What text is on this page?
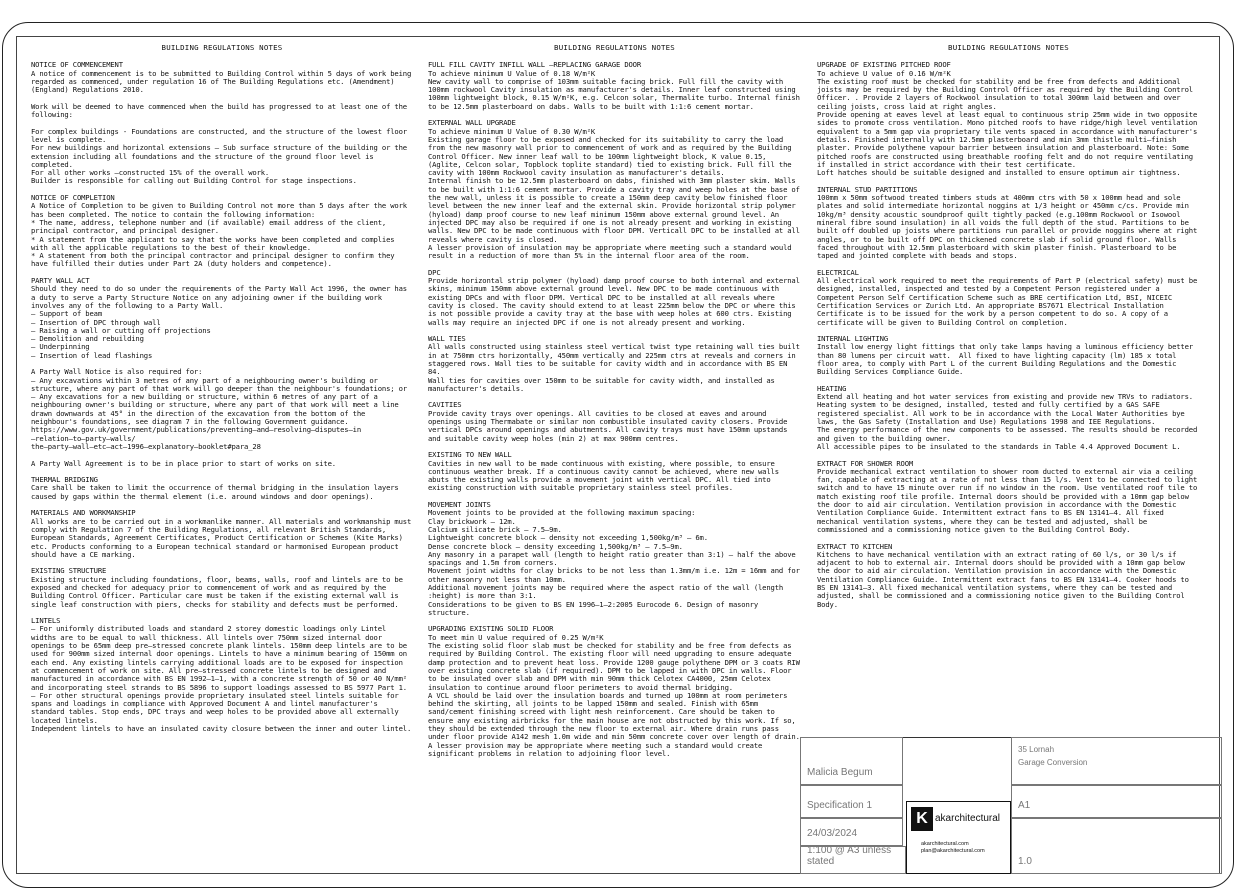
BUILDING REGULATIONS NOTES
NOTICE OF COMMENCEMENT
A notice of commencement is to be submitted to Building Control within 5 days of work being regarded as commenced, under regulation 16 of The Building Regulations etc. (Amendment) (England) Regulations 2010.
Work will be deemed to have commenced when the build has progressed to at least one of the following:
For complex buildings - Foundations are constructed, and the structure of the lowest floor level is complete.
For new buildings and horizontal extensions – Sub surface structure of the building or the extension including all foundations and the structure of the ground floor level is completed.
For all other works –constructed 15% of the overall work.
Builder is responsible for calling out Building Control for stage inspections.
NOTICE OF COMPLETION
A Notice of Completion to be given to Building Control not more than 5 days after the work has been completed. The notice to contain the following information:
* The name, address, telephone number and (if available) email address of the client, principal contractor, and principal designer.
* A statement from the applicant to say that the works have been completed and complies with all the applicable regulations to the best of their knowledge.
* A statement from both the principal contractor and principal designer to confirm they have fulfilled their duties under Part 2A (duty holders and competence).
PARTY WALL ACT
Should they need to do so under the requirements of the Party Wall Act 1996, the owner has a duty to serve a Party Structure Notice on any adjoining owner if the building work involves any of the following to a Party Wall.
– Support of beam
– Insertion of DPC through wall
– Raising a wall or cutting off projections
– Demolition and rebuilding
– Underpinning
– Insertion of lead flashings
A Party Wall Notice is also required for:
– Any excavations within 3 metres of any part of a neighbouring owner's building or structure, where any part of that work will go deeper than the neighbour's foundations; or
– Any excavations for a new building or structure, within 6 metres of any part of a neighbouring owner's building or structure, where any part of that work will meet a line drawn downwards at 45° in the direction of the excavation from the bottom of the neighbour's foundations, see diagram 7 in the following Government guidance.
https://www.gov.uk/government/publications/preventing–and–resolving–disputes–in
–relation–to–party–walls/
the–party–wall–etc–act–1996–explanatory–booklet#para_28
A Party Wall Agreement is to be in place prior to start of works on site.
THERMAL BRIDGING
Care shall be taken to limit the occurrence of thermal bridging in the insulation layers caused by gaps within the thermal element (i.e. around windows and door openings).
MATERIALS AND WORKMANSHIP
All works are to be carried out in a workmanlike manner. All materials and workmanship must comply with Regulation 7 of the Building Regulations, all relevant British Standards, European Standards, Agreement Certificates, Product Certification or Schemes (Kite Marks) etc. Products conforming to a European technical standard or harmonised European product should have a CE marking.
EXISTING STRUCTURE
Existing structure including foundations, floor, beams, walls, roof and lintels are to be exposed and checked for adequacy prior to commencement of work and as required by the Building Control Officer. Particular care must be taken if the existing external wall is single leaf construction with piers, checks for stability and defects must be performed.
LINTELS
– For uniformly distributed loads and standard 2 storey domestic loadings only Lintel widths are to be equal to wall thickness. All lintels over 750mm sized internal door openings to be 65mm deep pre–stressed concrete plank lintels. 150mm deep lintels are to be used for 900mm sized internal door openings. Lintels to have a minimum bearing of 150mm on each end. Any existing lintels carrying additional loads are to be exposed for inspection at commencement of work on site. All pre–stressed concrete lintels to be designed and manufactured in accordance with BS EN 1992–1–1, with a concrete strength of 50 or 40 N/mm² and incorporating steel strands to BS 5896 to support loadings assessed to BS 5977 Part 1.
– For other structural openings provide proprietary insulated steel lintels suitable for spans and loadings in compliance with Approved Document A and lintel manufacturer's standard tables. Stop ends, DPC trays and weep holes to be provided above all externally located lintels.
Independent lintels to have an insulated cavity closure between the inner and outer lintel.
BUILDING REGULATIONS NOTES
FULL FILL CAVITY INFILL WALL –REPLACING GARAGE DOOR
To achieve minimum U Value of 0.18 W/m²K
New cavity wall to comprise of 103mm suitable facing brick. Full fill the cavity with 100mm rockwool Cavity insulation as manufacturer's details. Inner leaf constructed using 100mm lightweight block, 0.15 W/m²K, e.g. Celcon solar, Thermalite turbo. Internal finish to be 12.5mm plasterboard on dabs. Walls to be built with 1:1:6 cement mortar.
EXTERNAL WALL UPGRADE
To achieve minimum U Value of 0.30 W/m²K
Existing garage floor to be exposed and checked for its suitability to carry the load from the new masonry wall prior to commencement of work and as required by the Building Control Officer. New inner leaf wall to be 100mm lightweight block, K value 0.15, (Aglite, Celcon solar, Topblock toplite standard) tied to existing brick. Full fill the cavity with 100mm Rockwool cavity insulation as manufacturer's details.
Internal finish to be 12.5mm plasterboard on dabs, finished with 3mm plaster skim. Walls to be built with 1:1:6 cement mortar. Provide a cavity tray and weep holes at the base of the new wall, unless it is possible to create a 150mm deep cavity below finished floor level between the new inner leaf and the external skin. Provide horizontal strip polymer (hyload) damp proof course to new leaf minimum 150mm above external ground level. An injected DPC may also be required if one is not already present and working in existing walls. New DPC to be made continuous with floor DPM. Verticall DPC to be installed at all reveals where cavity is closed.
A lesser provision of insulation may be appropriate where meeting such a standard would result in a reduction of more than 5% in the internal floor area of the room.
DPC
Provide horizontal strip polymer (hyload) damp proof course to both internal and external skins, minimum 150mm above external ground level. New DPC to be made continuous with existing DPCs and with floor DPM. Vertical DPC to be installed at all reveals where cavity is closed. The cavity should extend to at least 225mm below the DPC or where this is not possible provide a cavity tray at the base with weep holes at 600 ctrs. Existing walls may require an injected DPC if one is not already present and working.
WALL TIES
All walls constructed using stainless steel vertical twist type retaining wall ties built in at 750mm ctrs horizontally, 450mm vertically and 225mm ctrs at reveals and corners in staggered rows. Wall ties to be suitable for cavity width and in accordance with BS EN 84.
Wall ties for cavities over 150mm to be suitable for cavity width, and installed as manufacturer's details.
CAVITIES
Provide cavity trays over openings. All cavities to be closed at eaves and around openings using Thermabate or similar non combustible insulated cavity closers. Provide vertical DPCs around openings and abutments. All cavity trays must have 150mm upstands and suitable cavity weep holes (min 2) at max 900mm centres.
EXISTING TO NEW WALL
Cavities in new wall to be made continuous with existing, where possible, to ensure continuous weather break. If a continuous cavity cannot be achieved, where new walls abuts the existing walls provide a movement joint with vertical DPC. All tied into existing construction with suitable proprietary stainless steel profiles.
MOVEMENT JOINTS
Movement joints to be provided at the following maximum spacing:
Clay brickwork – 12m.
Calcium silicate brick – 7.5–9m.
Lightweight concrete block – density not exceeding 1,500kg/m³ – 6m.
Dense concrete block – density exceeding 1,500kg/m³ – 7.5–9m.
Any masonry in a parapet wall (length to height ratio greater than 3:1) – half the above spacings and 1.5m from corners.
Movement joint widths for clay bricks to be not less than 1.3mm/m i.e. 12m = 16mm and for other masonry not less than 10mm.
Additional movement joints may be required where the aspect ratio of the wall (length :height) is more than 3:1.
Considerations to be given to BS EN 1996–1–2:2005 Eurocode 6. Design of masonry structure.
UPGRADING EXISTING SOLID FLOOR
To meet min U value required of 0.25 W/m²K
The existing solid floor slab must be checked for stability and be free from defects as required by Building Control. The existing floor will need upgrading to ensure adequate damp protection and to prevent heat loss. Provide 1200 gauge polythene DPM or 3 coats RIW over existing concrete slab (if required). DPM to be lapped in with DPC in walls. Floor to be insulated over slab and DPM with min 90mm thick Celotex CA4000, 25mm Celotex insulation to continue around floor perimeters to avoid thermal bridging.
A VCL should be laid over the insulation boards and turned up 100mm at room perimeters behind the skirting, all joints to be lapped 150mm and sealed. Finish with 65mm sand/cement finishing screed with light mesh reinforcement. Care should be taken to ensure any existing airbricks for the main house are not obstructed by this work. If so, they should be extended through the new floor to external air. Where drain runs pass under floor provide A142 mesh 1.0m wide and min 50mm concrete cover over length of drain. A lesser provision may be appropriate where meeting such a standard would create significant problems in relation to adjoining floor level.
BUILDING REGULATIONS NOTES
UPGRADE OF EXISTING PITCHED ROOF
To achieve U value of 0.16 W/m²K
The existing roof must be checked for stability and be free from defects and Additional joists may be required by the Building Control Officer as required by the Building Control Officer. . Provide 2 layers of Rockwool insulation to total 300mm laid between and over ceiling joists, cross laid at right angles.
Provide opening at eaves level at least equal to continuous strip 25mm wide in two opposite sides to promote cross ventilation. Mono pitched roofs to have ridge/high level ventilation equivalent to a 5mm gap via proprietary tile vents spaced in accordance with manufacturer's details. Finished internally with 12.5mm plasterboard and min 3mm thistle multi–finish plaster. Provide polythene vapour barrier between insulation and plasterboard. Note: Some pitched roofs are constructed using breathable roofing felt and do not require ventilating if installed in strict accordance with their test certificate.
Loft hatches should be suitable designed and installed to ensure optimum air tightness.
INTERNAL STUD PARTITIONS
100mm x 50mm softwood treated timbers studs at 400mm ctrs with 50 x 100mm head and sole plates and solid intermediate horizontal noggins at 1/3 height or 450mm c/cs. Provide min 10kg/m³ density acoustic soundproof quilt tightly packed (e.g.100mm Rockwool or Isowool mineral fibre sound insulation) in all voids the full depth of the stud. Partitions to be built off doubled up joists where partitions run parallel or provide noggins where at right angles, or to be built off DPC on thickened concrete slab if solid ground floor. Walls faced throughout with 12.5mm plasterboard with skim plaster finish. Plasterboard to be taped and jointed complete with beads and stops.
ELECTRICAL
All electrical work required to meet the requirements of Part P (electrical safety) must be designed, installed, inspected and tested by a Competent Person registered under a Competent Person Self Certification Scheme such as BRE certification Ltd, BSI, NICEIC Certification Services or Zurich Ltd. An appropriate BS7671 Electrical Installation Certificate is to be issued for the work by a person competent to do so. A copy of a certificate will be given to Building Control on completion.
INTERNAL LIGHTING
Install low energy light fittings that only take lamps having a luminous efficiency better than 80 lumens per circuit watt.  All fixed to have lighting capacity (lm) 185 x total floor area, to comply with Part L of the current Building Regulations and the Domestic Building Services Compliance Guide.
HEATING
Extend all heating and hot water services from existing and provide new TRVs to radiators. Heating system to be designed, installed, tested and fully certified by a GAS SAFE registered specialist. All work to be in accordance with the Local Water Authorities bye laws, the Gas Safety (Installation and Use) Regulations 1998 and IEE Regulations.
The energy performance of the new components to be assessed. The results should be recorded and given to the building owner.
All accessible pipes to be insulated to the standards in Table 4.4 Approved Document L.
EXTRACT FOR SHOWER ROOM
Provide mechanical extract ventilation to shower room ducted to external air via a ceiling fan, capable of extracting at a rate of not less than 15 l/s. Vent to be connected to light switch and to have 15 minute over run if no window in the room. Use ventilated roof tile to match existing roof tile profile. Internal doors should be provided with a 10mm gap below the door to aid air circulation. Ventilation provision in accordance with the Domestic Ventilation Compliance Guide. Intermittent extract fans to BS EN 13141–4. All fixed mechanical ventilation systems, where they can be tested and adjusted, shall be commissioned and a commissioning notice given to the Building Control Body.
EXTRACT TO KITCHEN
Kitchens to have mechanical ventilation with an extract rating of 60 l/s, or 30 l/s if adjacent to hob to external air. Internal doors should be provided with a 10mm gap below the door to aid air circulation. Ventilation provision in accordance with the Domestic Ventilation Compliance Guide. Intermittent extract fans to BS EN 13141–4. Cooker hoods to BS EN 13141–3. All fixed mechanical ventilation systems, where they can be tested and adjusted, shall be commissioned and a commissioning notice given to the Building Control Body.
Malicia Begum
Specification 1
24/03/2024
1:100 @ A3 unless stated
35 Lornah
Garage Conversion
A1
1.0
K akarchitectural
akarchitectural.com
plan@akarchitectural.com
